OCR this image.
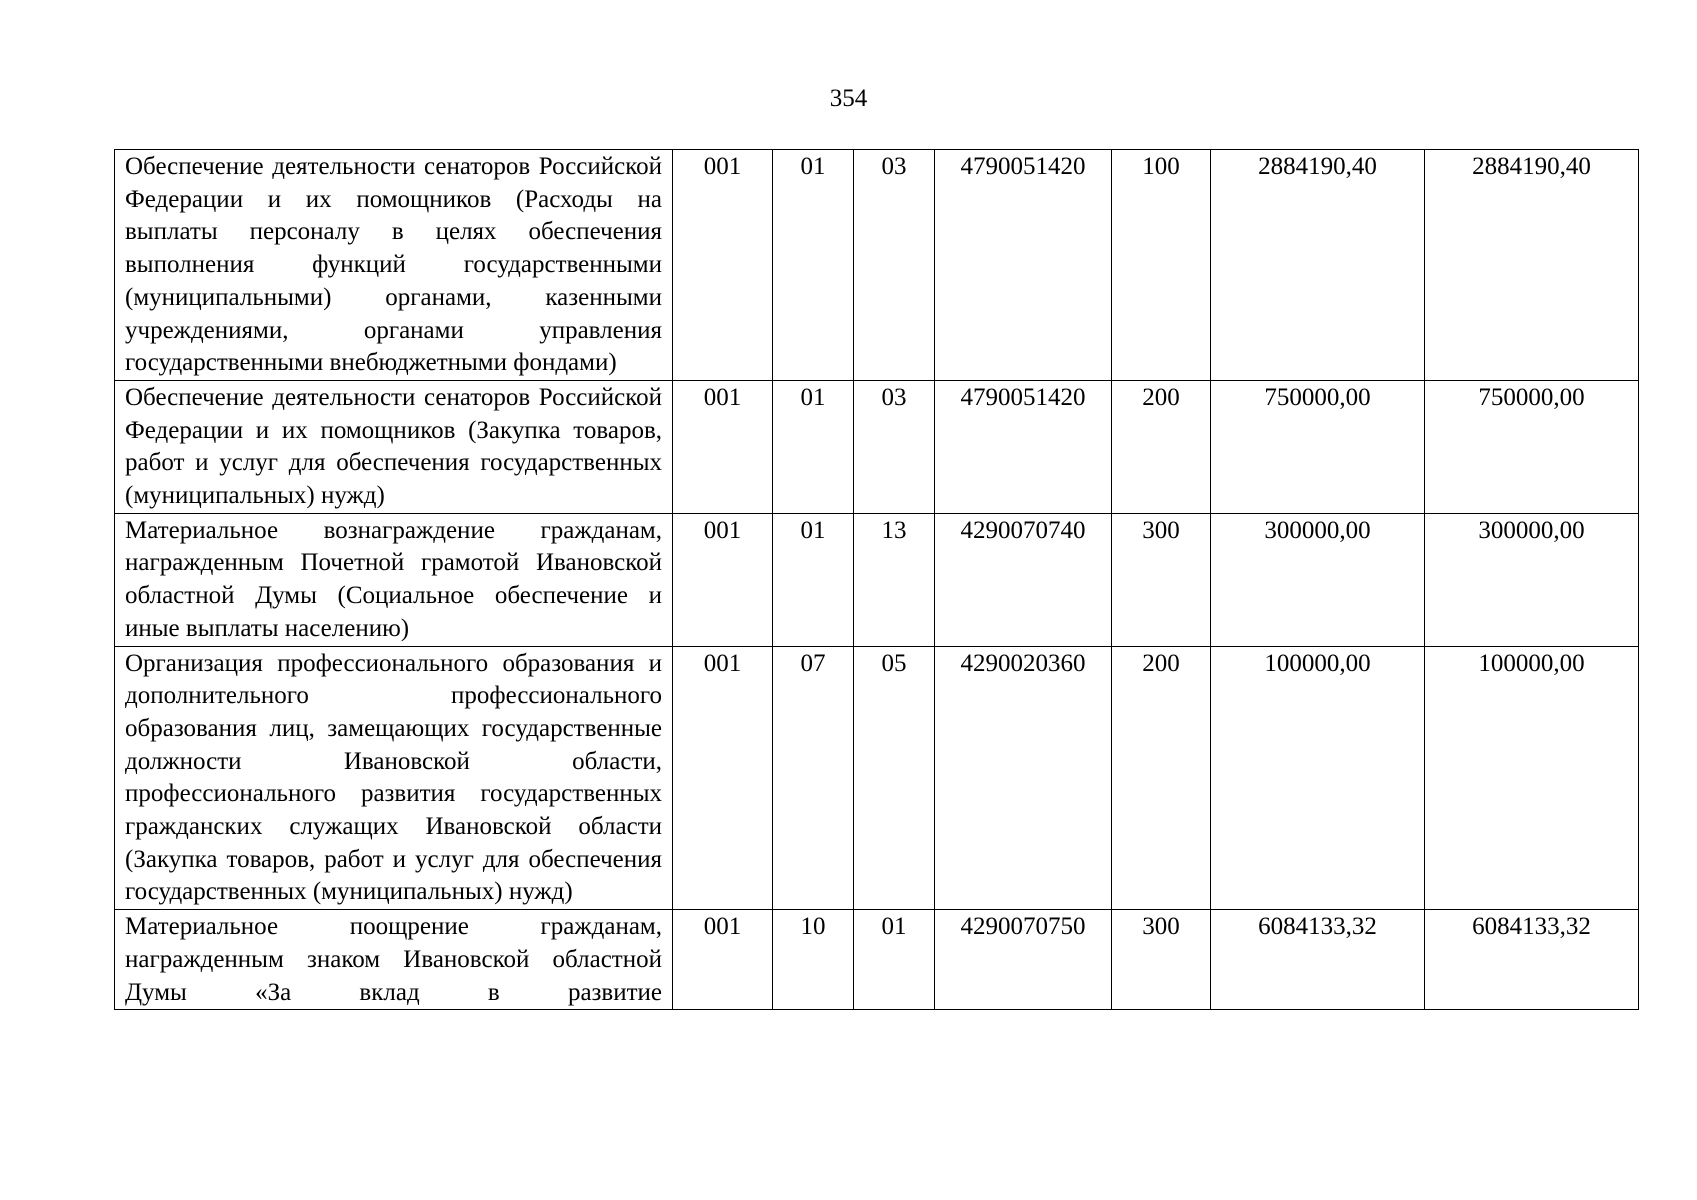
354
Обеспечение деятельности сенаторов Российской Федерации и их помощников (Расходы на выплаты персоналу в целях обеспечения выполнения функций государственными (муниципальными) органами, казенными учреждениями, органами управления государственными внебюджетными фондами)	001	01	03	4790051420	100	2884190,40	2884190,40
Обеспечение деятельности сенаторов Российской Федерации и их помощников (Закупка товаров, работ и услуг для обеспечения государственных (муниципальных) нужд)	001	01	03	4790051420	200	750000,00	750000,00
Материальное вознаграждение гражданам, награжденным Почетной грамотой Ивановской областной Думы (Социальное обеспечение и иные выплаты населению)	001	01	13	4290070740	300	300000,00	300000,00
Организация профессионального образования и дополнительного профессионального образования лиц, замещающих государственные должности Ивановской области, профессионального развития государственных гражданских служащих Ивановской области (Закупка товаров, работ и услуг для обеспечения государственных (муниципальных) нужд)	001	07	05	4290020360	200	100000,00	100000,00
Материальное поощрение гражданам, награжденным знаком Ивановской областной Думы «За вклад в развитие	001	10	01	4290070750	300	6084133,32	6084133,32
